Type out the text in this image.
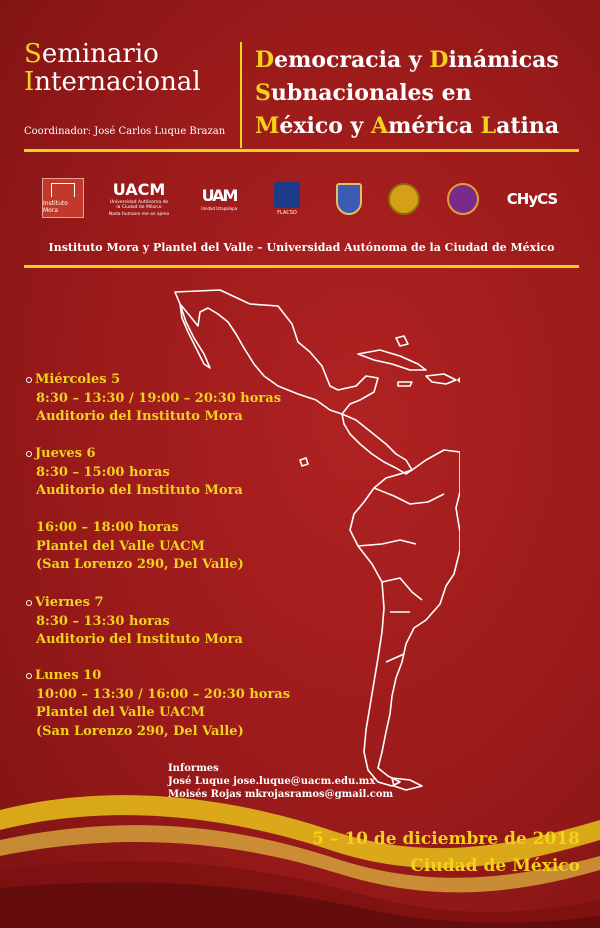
Seminario
Internacional
Coordinador: José Carlos Luque Brazan
Democracia y Dinámicas
Subnacionales en
México y América Latina
Instituto Mora
UACM
Universidad Autónoma de la Ciudad de México
Nada humano me es ajeno
UAM
Unidad Iztapalapa
FLACSO
CHyCS
Instituto Mora y Plantel del Valle – Universidad Autónoma de la Ciudad de México
Miércoles 5
8:30 – 13:30 / 19:00 – 20:30 horas
Auditorio del Instituto Mora
Jueves 6
8:30 – 15:00 horas
Auditorio del Instituto Mora
16:00 – 18:00 horas
Plantel del Valle UACM
(San Lorenzo 290, Del Valle)
Viernes 7
8:30 – 13:30 horas
Auditorio del Instituto Mora
Lunes 10
10:00 – 13:30 / 16:00 – 20:30 horas
Plantel del Valle UACM
(San Lorenzo 290, Del Valle)
Informes
José Luque jose.luque@uacm.edu.mx
Moisés Rojas mkrojasramos@gmail.com
5 – 10 de diciembre de 2018
Ciudad de México
